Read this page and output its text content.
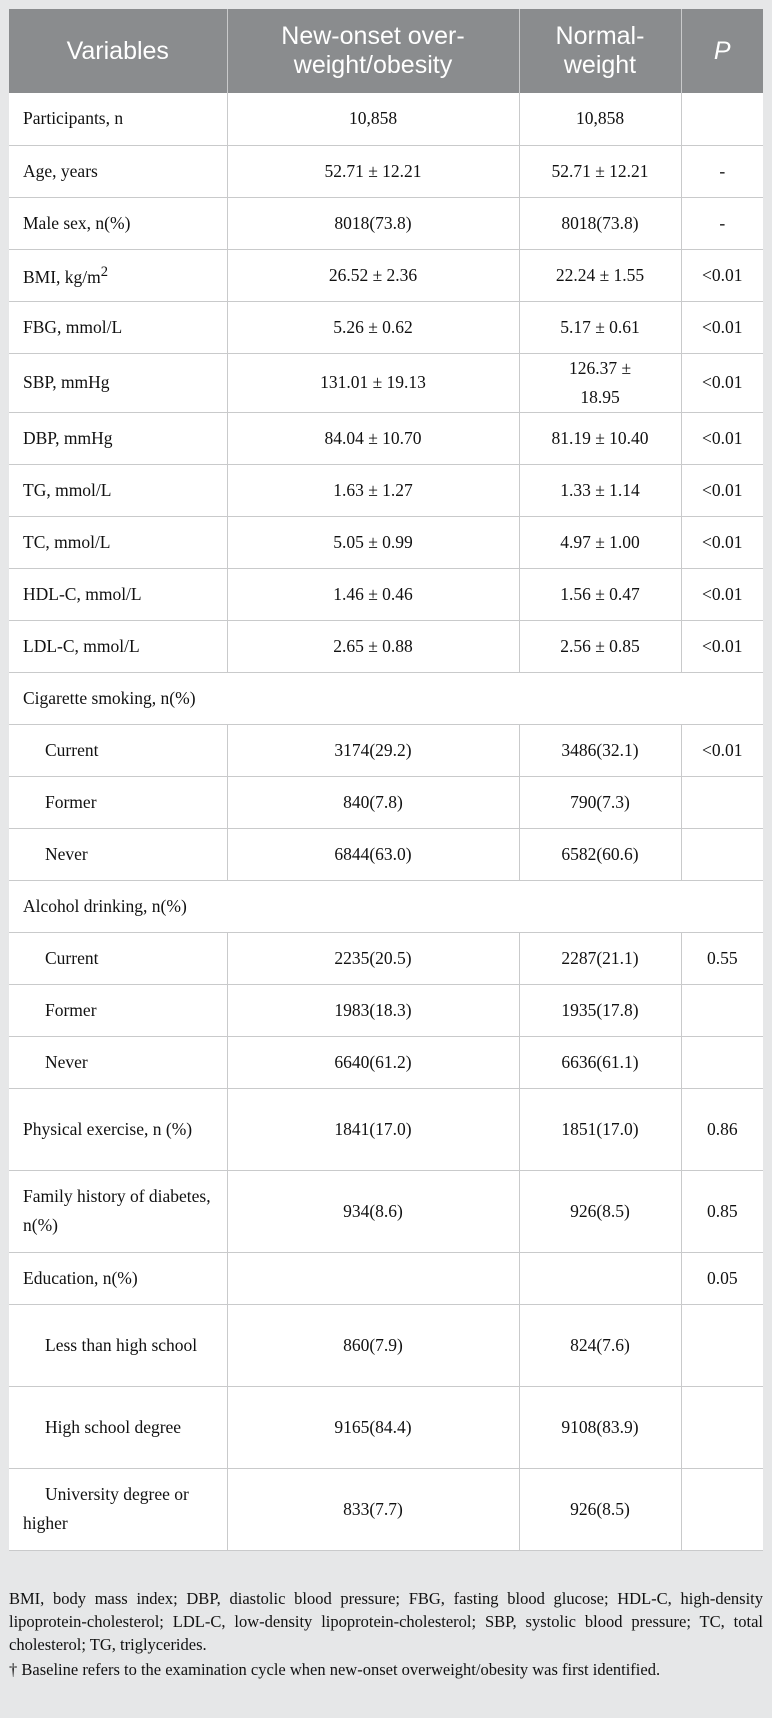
Variables	New-onset over-weight/obesity	Normal-weight	P
Participants, n	10,858	10,858	
Age, years	52.71 ± 12.21	52.71 ± 12.21	-
Male sex, n(%)	8018(73.8)	8018(73.8)	-
BMI, $kg/m^2$	26.52 ± 2.36	22.24 ± 1.55	<0.01
FBG, mmol/L	5.26 ± 0.62	5.17 ± 0.61	<0.01
SBP, mmHg	131.01 ± 19.13	126.37 ± 18.95	<0.01
DBP, mmHg	84.04 ± 10.70	81.19 ± 10.40	<0.01
TG, mmol/L	1.63 ± 1.27	1.33 ± 1.14	<0.01
TC, mmol/L	5.05 ± 0.99	4.97 ± 1.00	<0.01
HDL-C, mmol/L	1.46 ± 0.46	1.56 ± 0.47	<0.01
LDL-C, mmol/L	2.65 ± 0.88	2.56 ± 0.85	<0.01
Cigarette smoking, n(%)			
Current	3174(29.2)	3486(32.1)	<0.01
Former	840(7.8)	790(7.3)	
Never	6844(63.0)	6582(60.6)	
Alcohol drinking, n(%)			
Current	2235(20.5)	2287(21.1)	0.55
Former	1983(18.3)	1935(17.8)	
Never	6640(61.2)	6636(61.1)	
Physical exercise, n (%)	1841(17.0)	1851(17.0)	0.86
Family history of diabetes, n(%)	934(8.6)	926(8.5)	0.85
Education, n(%)			0.05
Less than high school	860(7.9)	824(7.6)	
High school degree	9165(84.4)	9108(83.9)	
University degree or higher	833(7.7)	926(8.5)	

BMI, body mass index; DBP, diastolic blood pressure; FBG, fasting blood glucose; HDL-C, high-density lipoprotein-cholesterol; LDL-C, low-density lipoprotein-cholesterol; SBP, systolic blood pressure; TC, total cholesterol; TG, triglycerides.

† Baseline refers to the examination cycle when new-onset overweight/obesity was first identified.
